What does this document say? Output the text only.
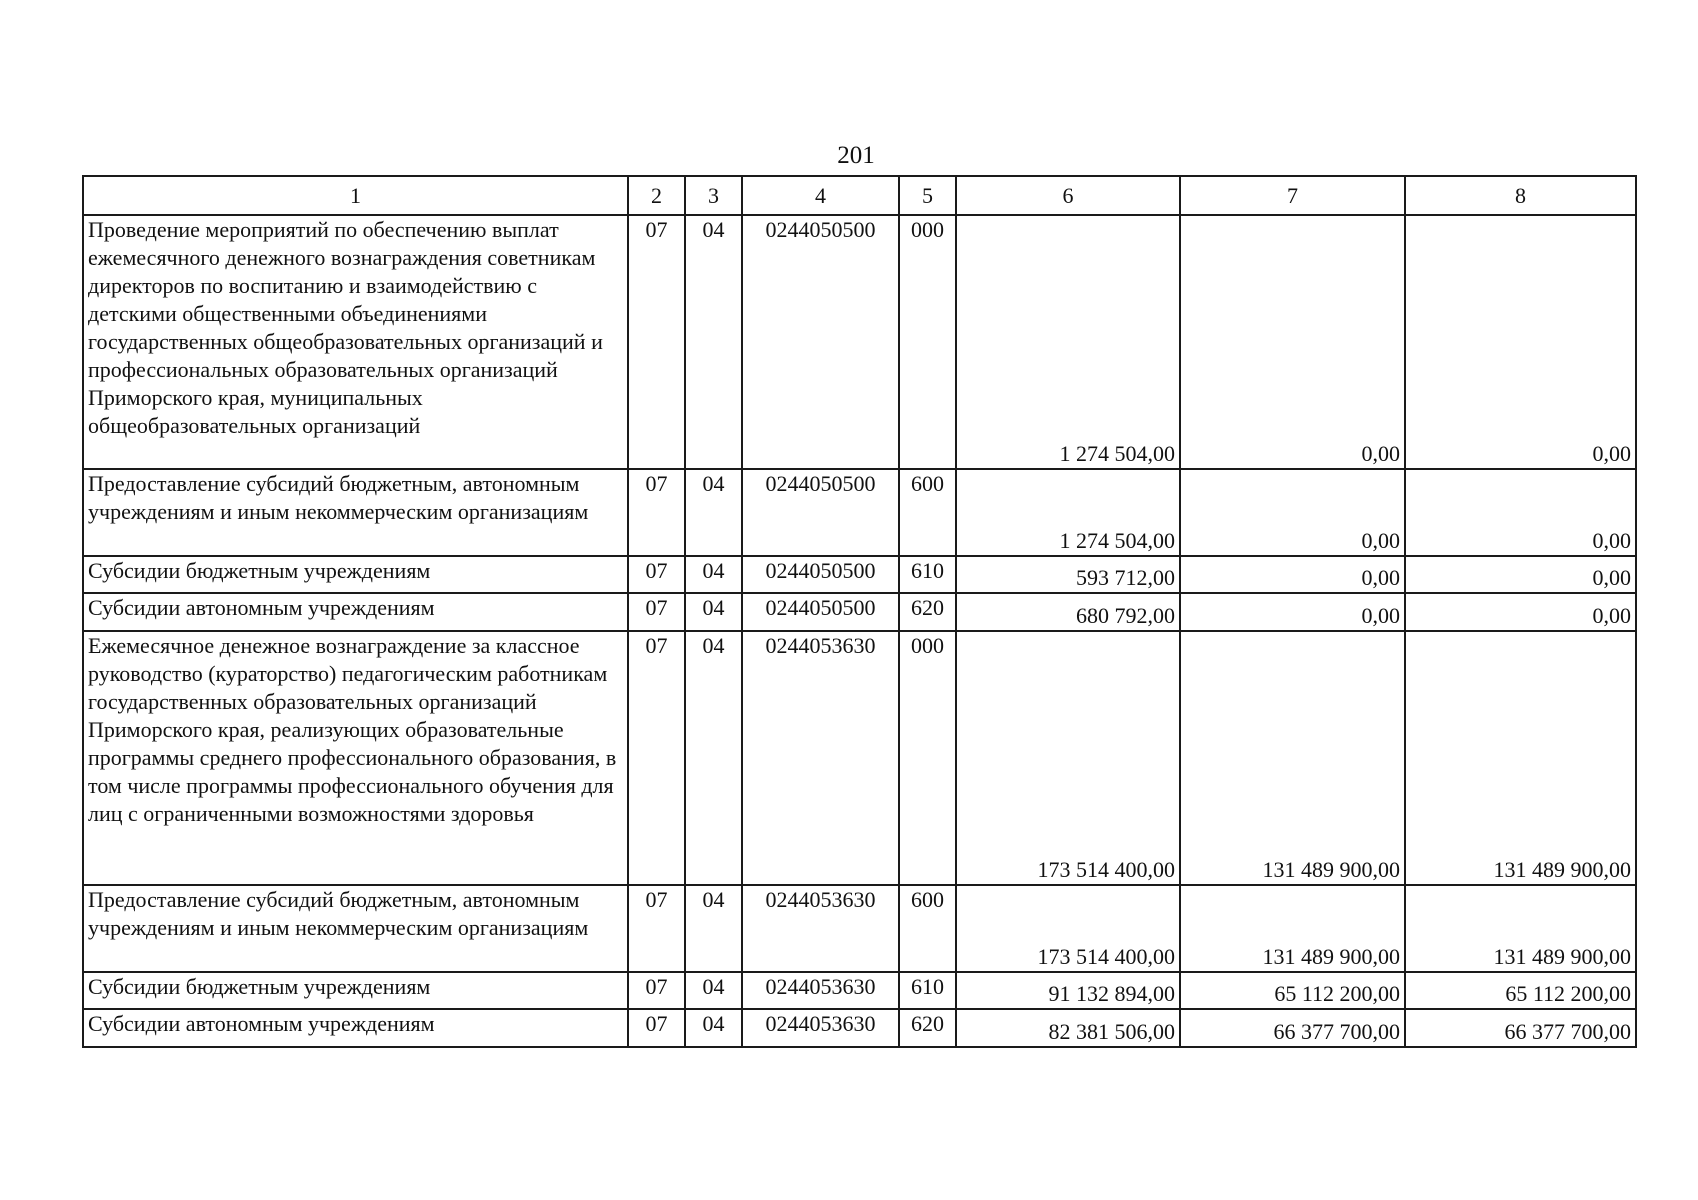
201
1	2	3	4	5	6	7	8
Проведение мероприятий по обеспечению выплат ежемесячного денежного вознаграждения советникам директоров по воспитанию и взаимодействию с детскими общественными объединениями государственных общеобразовательных организаций и профессиональных образовательных организаций Приморского края, муниципальных общеобразовательных организаций	07	04	0244050500	000	1 274 504,00	0,00	0,00
Предоставление субсидий бюджетным, автономным учреждениям и иным некоммерческим организациям	07	04	0244050500	600	1 274 504,00	0,00	0,00
Субсидии бюджетным учреждениям	07	04	0244050500	610	593 712,00	0,00	0,00
Субсидии автономным учреждениям	07	04	0244050500	620	680 792,00	0,00	0,00
Ежемесячное денежное вознаграждение за классное руководство (кураторство) педагогическим работникам государственных образовательных организаций Приморского края, реализующих образовательные программы среднего профессионального образования, в том числе программы профессионального обучения для лиц с ограниченными возможностями здоровья	07	04	0244053630	000	173 514 400,00	131 489 900,00	131 489 900,00
Предоставление субсидий бюджетным, автономным учреждениям и иным некоммерческим организациям	07	04	0244053630	600	173 514 400,00	131 489 900,00	131 489 900,00
Субсидии бюджетным учреждениям	07	04	0244053630	610	91 132 894,00	65 112 200,00	65 112 200,00
Субсидии автономным учреждениям	07	04	0244053630	620	82 381 506,00	66 377 700,00	66 377 700,00
